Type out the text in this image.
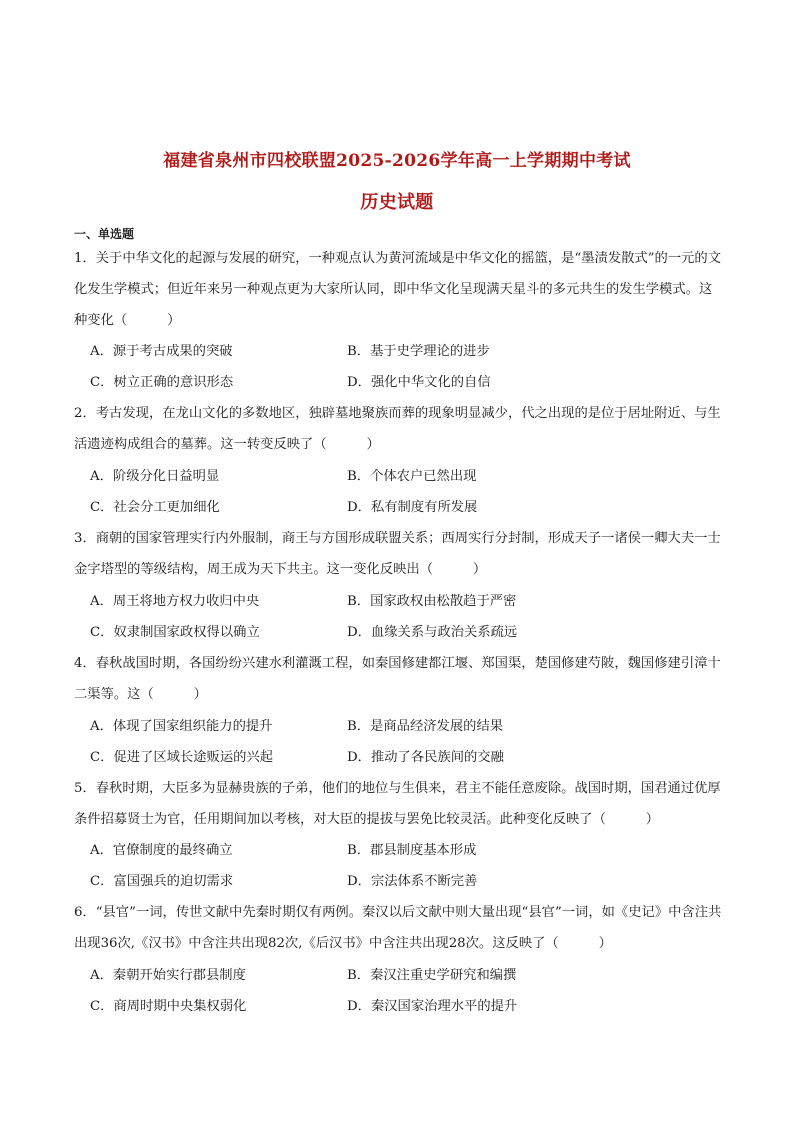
福建省泉州市四校联盟2025-2026学年高一上学期期中考试
历史试题
一、单选题

1．关于中华文化的起源与发展的研究，一种观点认为黄河流域是中华文化的摇篮，是“墨渍发散式”的一元的文化发生学模式；但近年来另一种观点更为大家所认同，即中华文化呈现满天星斗的多元共生的发生学模式。这种变化（　　　）

A．源于考古成果的突破	B．基于史学理论的进步
C．树立正确的意识形态	D．强化中华文化的自信

2．考古发现，在龙山文化的多数地区，独辟墓地聚族而葬的现象明显减少，代之出现的是位于居址附近、与生活遗迹构成组合的墓葬。这一转变反映了（　　　）

A．阶级分化日益明显	B．个体农户已然出现
C．社会分工更加细化	D．私有制度有所发展

3．商朝的国家管理实行内外服制，商王与方国形成联盟关系；西周实行分封制，形成天子一诸侯一卿大夫一士金字塔型的等级结构，周王成为天下共主。这一变化反映出（　　　）

A．周王将地方权力收归中央	B．国家政权由松散趋于严密
C．奴隶制国家政权得以确立	D．血缘关系与政治关系疏远

4．春秋战国时期，各国纷纷兴建水利灌溉工程，如秦国修建都江堰、郑国渠，楚国修建芍陂，魏国修建引漳十二渠等。这（　　　）

A．体现了国家组织能力的提升	B．是商品经济发展的结果
C．促进了区域长途贩运的兴起	D．推动了各民族间的交融

5．春秋时期，大臣多为显赫贵族的子弟，他们的地位与生俱来，君主不能任意废除。战国时期，国君通过优厚条件招募贤士为官，任用期间加以考核，对大臣的提拔与罢免比较灵活。此种变化反映了（　　　）

A．官僚制度的最终确立	B．郡县制度基本形成
C．富国强兵的迫切需求	D．宗法体系不断完善

6．“县官”一词，传世文献中先秦时期仅有两例。秦汉以后文献中则大量出现“县官”一词，如《史记》中含注共出现36次,《汉书》中含注共出现82次,《后汉书》中含注共出现28次。这反映了（　　　）

A．秦朝开始实行郡县制度	B．秦汉注重史学研究和编撰
C．商周时期中央集权弱化	D．秦汉国家治理水平的提升
